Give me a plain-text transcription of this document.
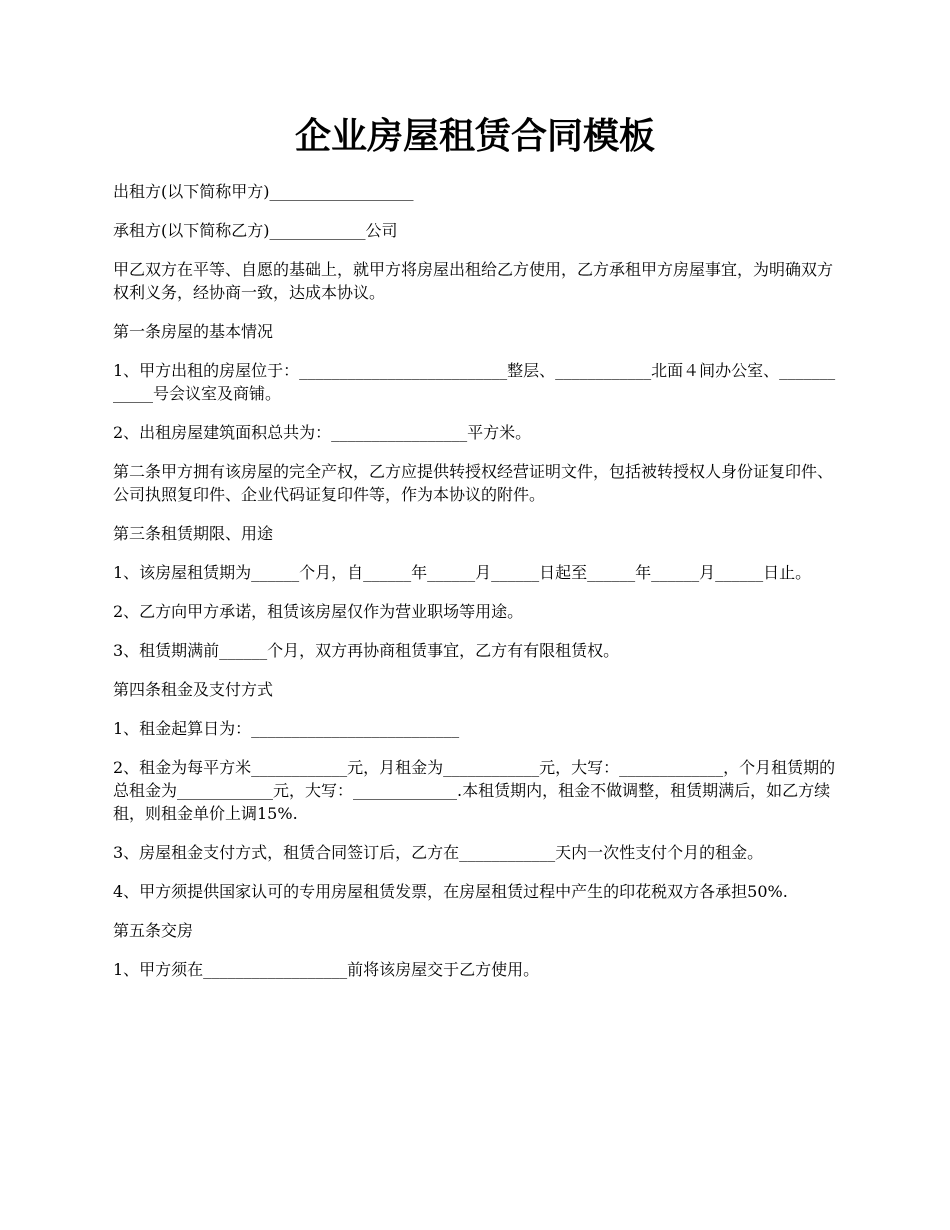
企业房屋租赁合同模板

出租方(以下简称甲方)__________________

承租方(以下简称乙方)____________公司

甲乙双方在平等、自愿的基础上，就甲方将房屋出租给乙方使用，乙方承租甲方房屋事宜，为明确双方权利义务，经协商一致，达成本协议。

第一条房屋的基本情况

1、甲方出租的房屋位于：__________________________整层、____________北面４间办公室、____________号会议室及商铺。

2、出租房屋建筑面积总共为：_________________平方米。

第二条甲方拥有该房屋的完全产权，乙方应提供转授权经营证明文件，包括被转授权人身份证复印件、公司执照复印件、企业代码证复印件等，作为本协议的附件。

第三条租赁期限、用途

1、该房屋租赁期为______个月，自______年______月______日起至______年______月______日止。

2、乙方向甲方承诺，租赁该房屋仅作为营业职场等用途。

3、租赁期满前______个月，双方再协商租赁事宜，乙方有有限租赁权。

第四条租金及支付方式

1、租金起算日为：__________________________

2、租金为每平方米____________元，月租金为____________元，大写：_____________，个月租赁期的总租金为____________元，大写：_____________.本租赁期内，租金不做调整，租赁期满后，如乙方续租，则租金单价上调15%.

3、房屋租金支付方式，租赁合同签订后，乙方在____________天内一次性支付个月的租金。

4、甲方须提供国家认可的专用房屋租赁发票，在房屋租赁过程中产生的印花税双方各承担50%.

第五条交房

1、甲方须在__________________前将该房屋交于乙方使用。
